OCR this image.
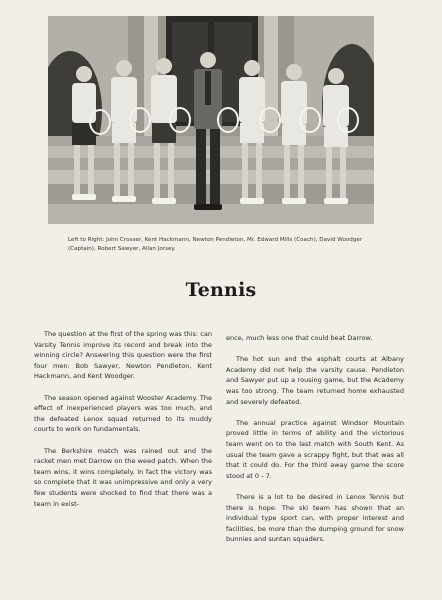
Left to Right: John Crosser, Kent Hackmann, Newton Pendleton, Mr. Edward Mills (Coach), David Woodger (Captain), Robert Sawyer, Allan Jorsey.

Tennis

The question at the first of the spring was this: can Varsity Tennis improve its record and break into the winning circle? Answering this question were the first four men: Bob Sawyer, Newton Pendleton, Kent Hackmann, and Kent Woodger.

The season opened against Wooster Academy. The effect of inexperienced players was too much, and the defeated Lenox squad returned to its muddy courts to work on fundamentals.

The Berkshire match was rained out and the racket men met Darrow on the weed patch. When the team wins, it wins completely. In fact the victory was so complete that it was unimpressive and only a very few students were shocked to find that there was a team in exist-

ence, much less one that could beat Darrow.

The hot sun and the asphalt courts at Albany Academy did not help the varsity cause. Pendleton and Sawyer put up a rousing game, but the Academy was too strong. The team returned home exhausted and severely defeated.

The annual practice against Windsor Mountain proved little in terms of ability and the victorious team went on to the last match with South Kent. As usual the team gave a scrappy fight, but that was all that it could do. For the third away game the score stood at 0 - 7.

There is a lot to be desired in Lenox Tennis but there is hope. The ski team has shown that an individual type sport can, with proper interest and facilities, be more than the dumping ground for snow bunnies and suntan squaders.
